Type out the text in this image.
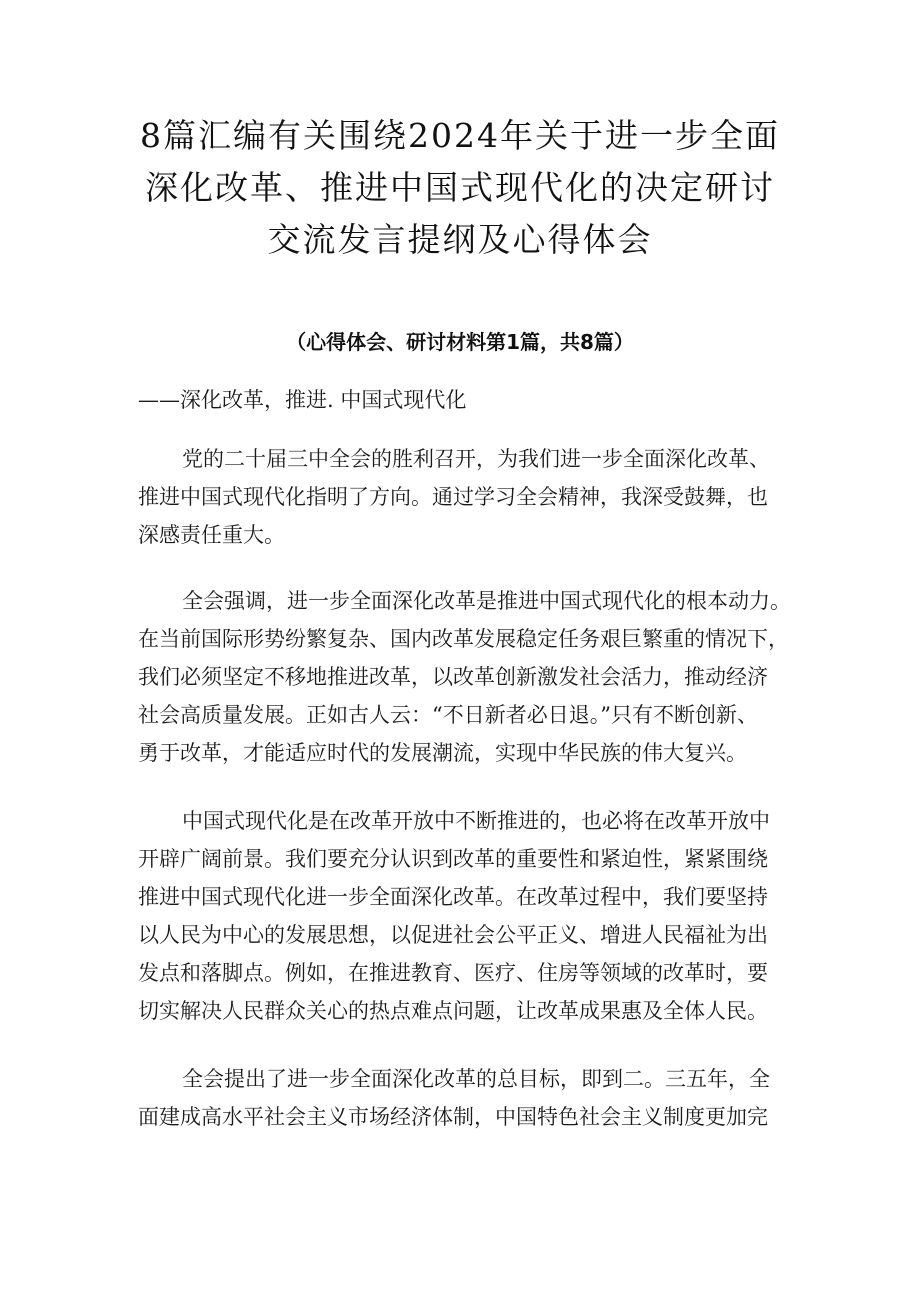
8篇汇编有关围绕2024年关于进一步全面
深化改革、推进中国式现代化的决定研讨
交流发言提纲及心得体会
（心得体会、研讨材料第1篇，共8篇）
——深化改革，推进. 中国式现代化
党的二十届三中全会的胜利召开，为我们进一步全面深化改革、
推进中国式现代化指明了方向。通过学习全会精神，我深受鼓舞，也
深感责任重大。
全会强调，进一步全面深化改革是推进中国式现代化的根本动力。
在当前国际形势纷繁复杂、国内改革发展稳定任务艰巨繁重的情况下，
我们必须坚定不移地推进改革，以改革创新激发社会活力，推动经济
社会高质量发展。正如古人云：“不日新者必日退。”只有不断创新、
勇于改革，才能适应时代的发展潮流，实现中华民族的伟大复兴。
中国式现代化是在改革开放中不断推进的，也必将在改革开放中
开辟广阔前景。我们要充分认识到改革的重要性和紧迫性，紧紧围绕
推进中国式现代化进一步全面深化改革。在改革过程中，我们要坚持
以人民为中心的发展思想，以促进社会公平正义、增进人民福祉为出
发点和落脚点。例如，在推进教育、医疗、住房等领域的改革时，要
切实解决人民群众关心的热点难点问题，让改革成果惠及全体人民。
全会提出了进一步全面深化改革的总目标，即到二。三五年，全
面建成高水平社会主义市场经济体制，中国特色社会主义制度更加完
